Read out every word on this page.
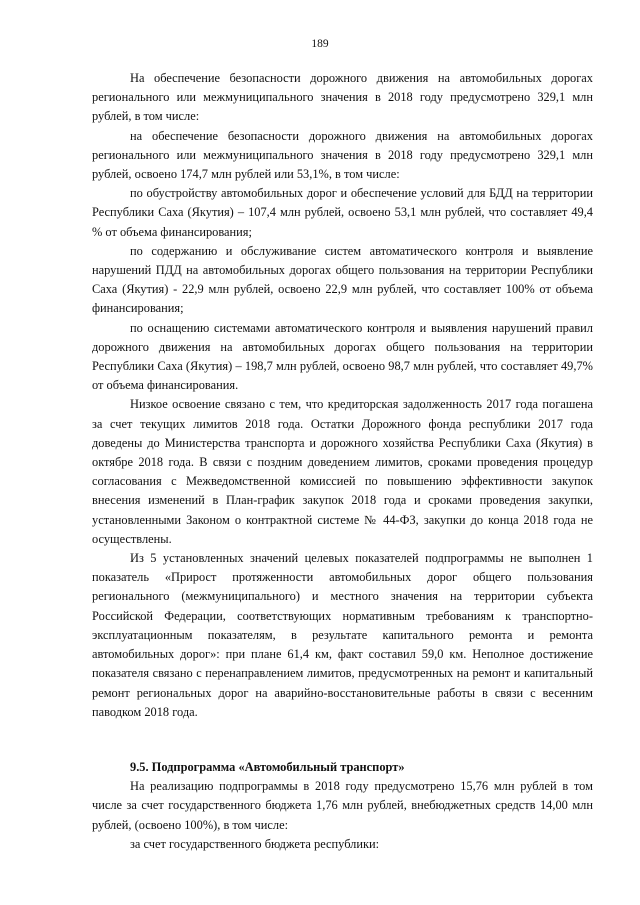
189

На обеспечение безопасности дорожного движения на автомобильных дорогах регионального или межмуниципального значения в 2018 году предусмотрено 329,1 млн рублей, в том числе:

на обеспечение безопасности дорожного движения на автомобильных дорогах регионального или межмуниципального значения в 2018 году предусмотрено 329,1 млн рублей, освоено 174,7 млн рублей или 53,1%, в том числе:

по обустройству автомобильных дорог и обеспечение условий для БДД на территории Республики Саха (Якутия) – 107,4 млн рублей, освоено 53,1 млн рублей, что составляет 49,4 % от объема финансирования;

по содержанию и обслуживание систем автоматического контроля и выявление нарушений ПДД на автомобильных дорогах общего пользования на территории Республики Саха (Якутия) - 22,9 млн рублей, освоено 22,9 млн рублей, что составляет 100% от объема финансирования;

по оснащению системами автоматического контроля и выявления нарушений правил дорожного движения на автомобильных дорогах общего пользования на территории Республики Саха (Якутия) – 198,7 млн рублей, освоено 98,7 млн рублей, что составляет 49,7% от объема финансирования.

Низкое освоение связано с тем, что кредиторская задолженность 2017 года погашена за счет текущих лимитов 2018 года. Остатки Дорожного фонда республики 2017 года доведены до Министерства транспорта и дорожного хозяйства Республики Саха (Якутия) в октябре 2018 года. В связи с поздним доведением лимитов, сроками проведения процедур согласования с Межведомственной комиссией по повышению эффективности закупок внесения изменений в План-график закупок 2018 года и сроками проведения закупки, установленными Законом о контрактной системе № 44-ФЗ, закупки до конца 2018 года не осуществлены.

Из 5 установленных значений целевых показателей подпрограммы не выполнен 1 показатель «Прирост протяженности автомобильных дорог общего пользования регионального (межмуниципального) и местного значения на территории субъекта Российской Федерации, соответствующих нормативным требованиям к транспортно-эксплуатационным показателям, в результате капитального ремонта и ремонта автомобильных дорог»: при плане 61,4 км, факт составил 59,0 км. Неполное достижение показателя связано с перенаправлением лимитов, предусмотренных на ремонт и капитальный ремонт региональных дорог на аварийно-восстановительные работы в связи с весенним паводком 2018 года.

9.5. Подпрограмма «Автомобильный транспорт»

На реализацию подпрограммы в 2018 году предусмотрено 15,76 млн рублей в том числе за счет государственного бюджета 1,76 млн рублей, внебюджетных средств 14,00 млн рублей, (освоено 100%), в том числе:

за счет государственного бюджета республики:
